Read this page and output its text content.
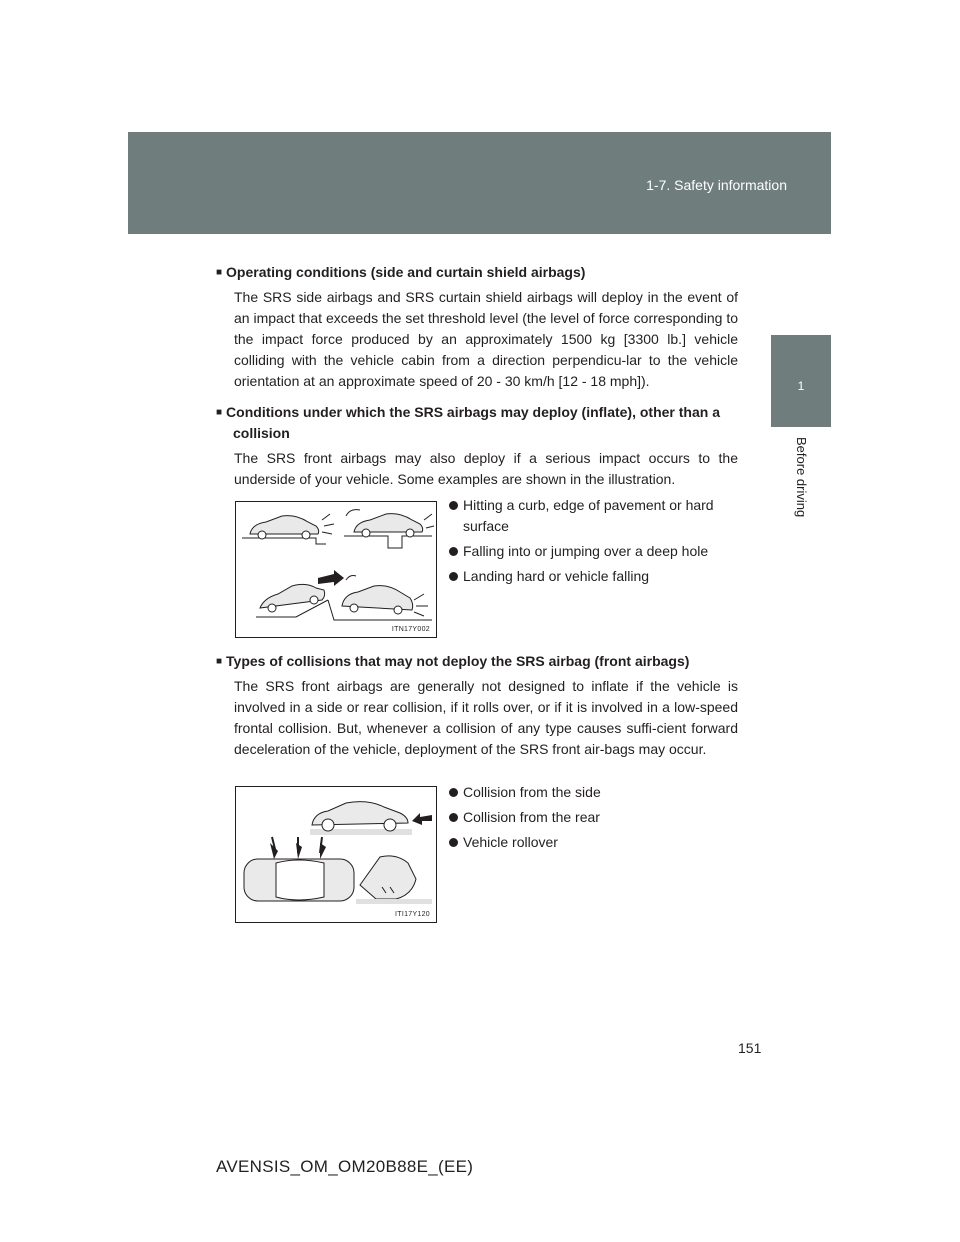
1-7. Safety information
1
Before driving
■ Operating conditions (side and curtain shield airbags)
The SRS side airbags and SRS curtain shield airbags will deploy in the event of an impact that exceeds the set threshold level (the level of force corresponding to the impact force produced by an approximately 1500 kg [3300 lb.] vehicle colliding with the vehicle cabin from a direction perpendicu-lar to the vehicle orientation at an approximate speed of 20 - 30 km/h [12 - 18 mph]).
■ Conditions under which the SRS airbags may deploy (inflate), other than a collision
The SRS front airbags may also deploy if a serious impact occurs to the underside of your vehicle. Some examples are shown in the illustration.
ITN17Y002
Hitting a curb, edge of pavement or hard surface
Falling into or jumping over a deep hole
Landing hard or vehicle falling
■ Types of collisions that may not deploy the SRS airbag (front airbags)
The SRS front airbags are generally not designed to inflate if the vehicle is involved in a side or rear collision, if it rolls over, or if it is involved in a low-speed frontal collision. But, whenever a collision of any type causes suffi-cient forward deceleration of the vehicle, deployment of the SRS front air-bags may occur.
ITI17Y120
Collision from the side
Collision from the rear
Vehicle rollover
151
AVENSIS_OM_OM20B88E_(EE)
